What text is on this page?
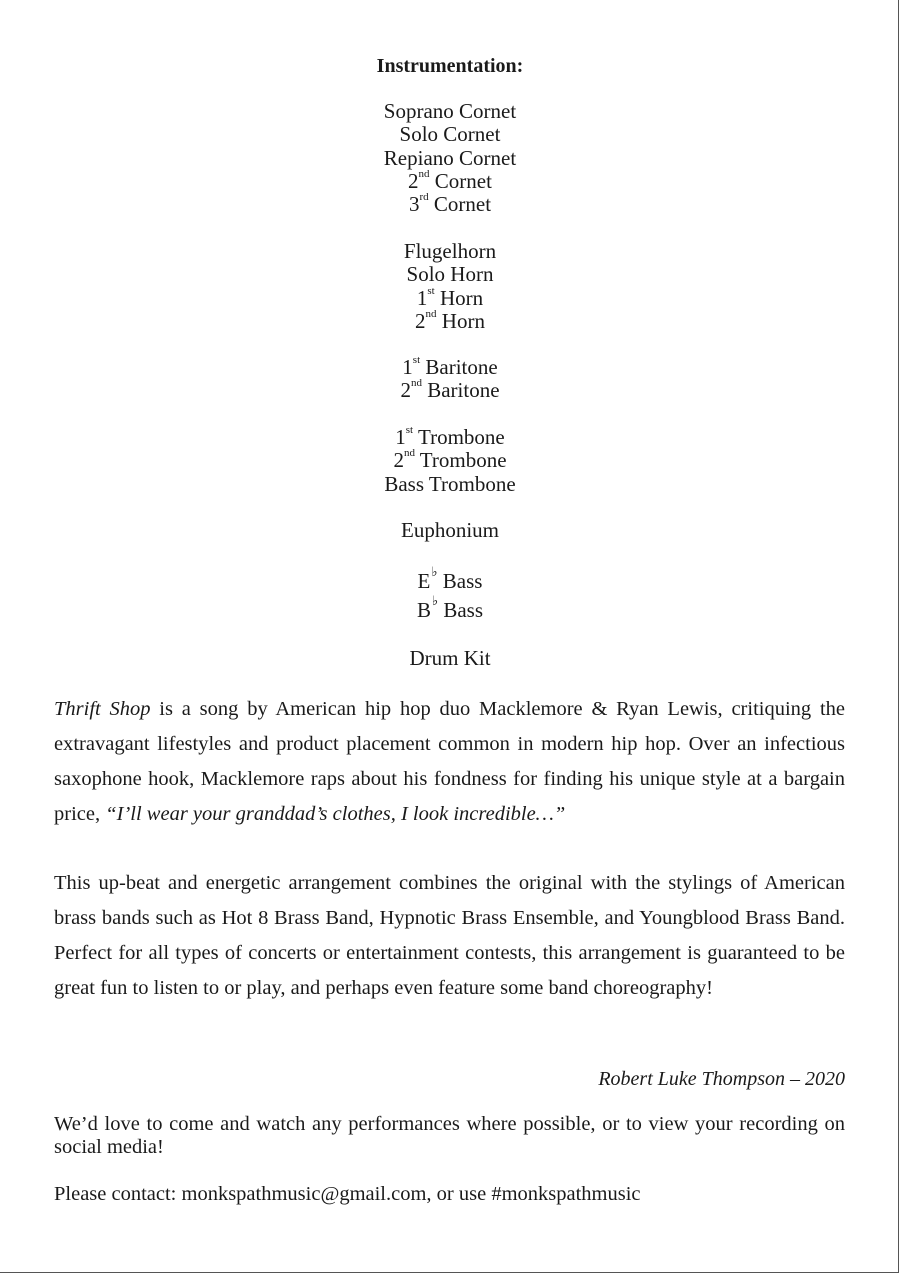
Instrumentation:
Soprano Cornet
Solo Cornet
Repiano Cornet
2nd Cornet
3rd Cornet
Flugelhorn
Solo Horn
1st Horn
2nd Horn
1st Baritone
2nd Baritone
1st Trombone
2nd Trombone
Bass Trombone
Euphonium
E♭ Bass
B♭ Bass
Drum Kit
Thrift Shop is a song by American hip hop duo Macklemore & Ryan Lewis, critiquing the extravagant lifestyles and product placement common in modern hip hop. Over an infectious saxophone hook, Macklemore raps about his fondness for finding his unique style at a bargain price, “I’ll wear your granddad’s clothes, I look incredible…”
This up-beat and energetic arrangement combines the original with the stylings of American brass bands such as Hot 8 Brass Band, Hypnotic Brass Ensemble, and Youngblood Brass Band. Perfect for all types of concerts or entertainment contests, this arrangement is guaranteed to be great fun to listen to or play, and perhaps even feature some band choreography!
Robert Luke Thompson – 2020
We’d love to come and watch any performances where possible, or to view your recording on social media!
Please contact: monkspathmusic@gmail.com, or use #monkspathmusic
